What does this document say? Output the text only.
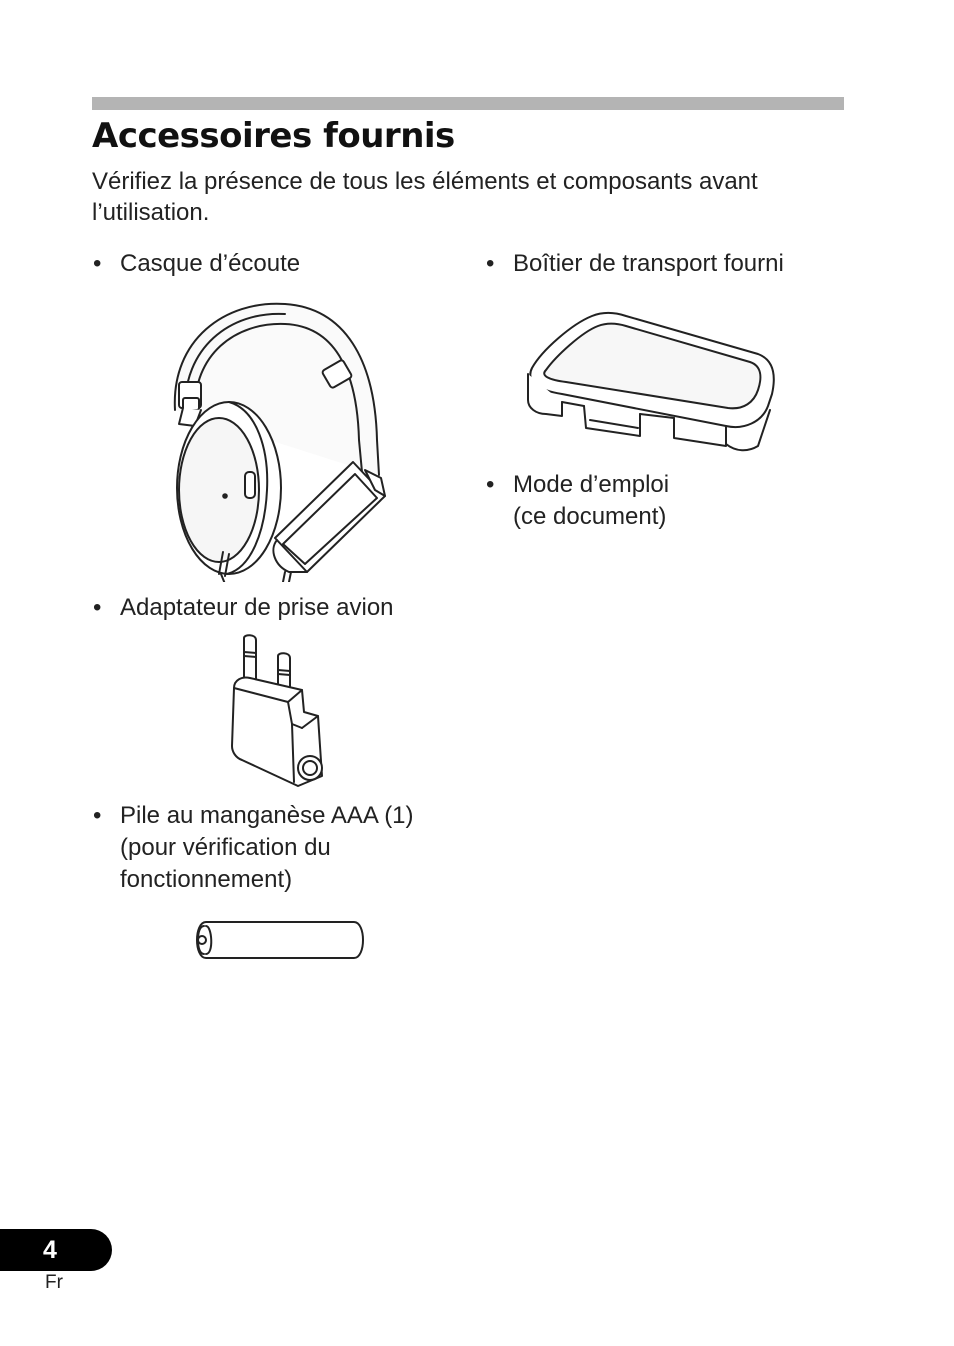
Accessoires fournis

Vérifiez la présence de tous les éléments et composants avant l’utilisation.

• Casque d’écoute	• Boîtier de transport fourni
• Mode d’emploi
(ce document)
• Adaptateur de prise avion
• Pile au manganèse AAA (1)
(pour vérification du
fonctionnement)
4
Fr
